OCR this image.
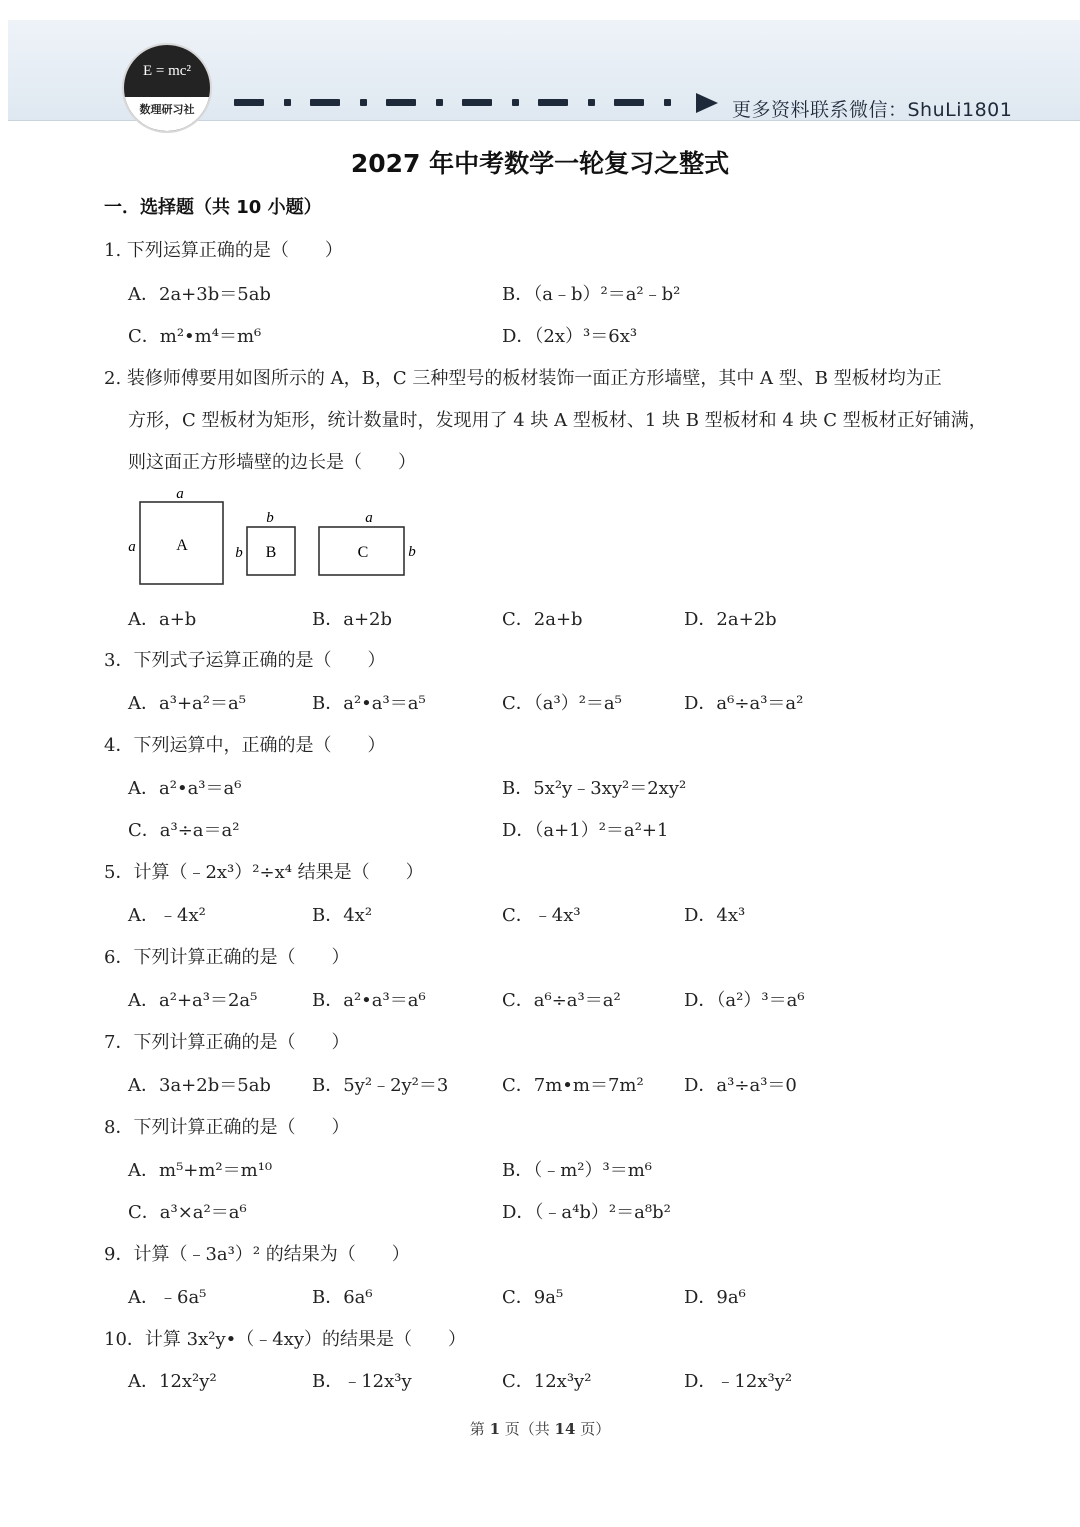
E = mc²
数理研习社	更多资料联系微信：ShuLi1801
2027 年中考数学一轮复习之整式
一．选择题（共 10 小题）
1. 下列运算正确的是（　　）
A．2a+3b＝5ab	B．（a﹣b）²＝a²﹣b²
C．m²•m⁴＝m⁶	D．（2x）³＝6x³
2. 装修师傅要用如图所示的 A，B，C 三种型号的板材装饰一面正方形墙壁，其中 A 型、B 型板材均为正
方形，C 型板材为矩形，统计数量时，发现用了 4 块 A 型板材、1 块 B 型板材和 4 块 C 型板材正好铺满，
则这面正方形墙壁的边长是（　　）
a
a	A
b
b B
a
b
C
A．a+b	B．a+2b	C．2a+b	D．2a+2b
3．下列式子运算正确的是（　　）
A．a³+a²＝a⁵	B．a²•a³＝a⁵	C．（a³）²＝a⁵	D．a⁶÷a³＝a²
4．下列运算中，正确的是（　　）
A．a²•a³＝a⁶	B．5x²y﹣3xy²＝2xy²
C．a³÷a＝a²	D．（a+1）²＝a²+1
5．计算（﹣2x³）²÷x⁴ 结果是（　　）
A．﹣4x²	B．4x²	C．﹣4x³	D．4x³
6．下列计算正确的是（　　）
A．a²+a³＝2a⁵	B．a²•a³＝a⁶	C．a⁶÷a³＝a²	D．（a²）³＝a⁶
7．下列计算正确的是（　　）
A．3a+2b＝5ab B．5y²﹣2y²＝3	C．7m•m＝7m² D．a³÷a³＝0
8．下列计算正确的是（　　）
A．m⁵+m²＝m¹⁰	B．（﹣m²）³＝m⁶
C．a³×a²＝a⁶	D．（﹣a⁴b）²＝a⁸b²
9．计算（﹣3a³）² 的结果为（　　）
A．﹣6a⁵	B．6a⁶	C．9a⁵	D．9a⁶
10．计算 3x²y•（﹣4xy）的结果是（　　）
A．12x²y²	B．﹣12x³y	C．12x³y²	D．﹣12x³y²
第 1 页（共 14 页）
